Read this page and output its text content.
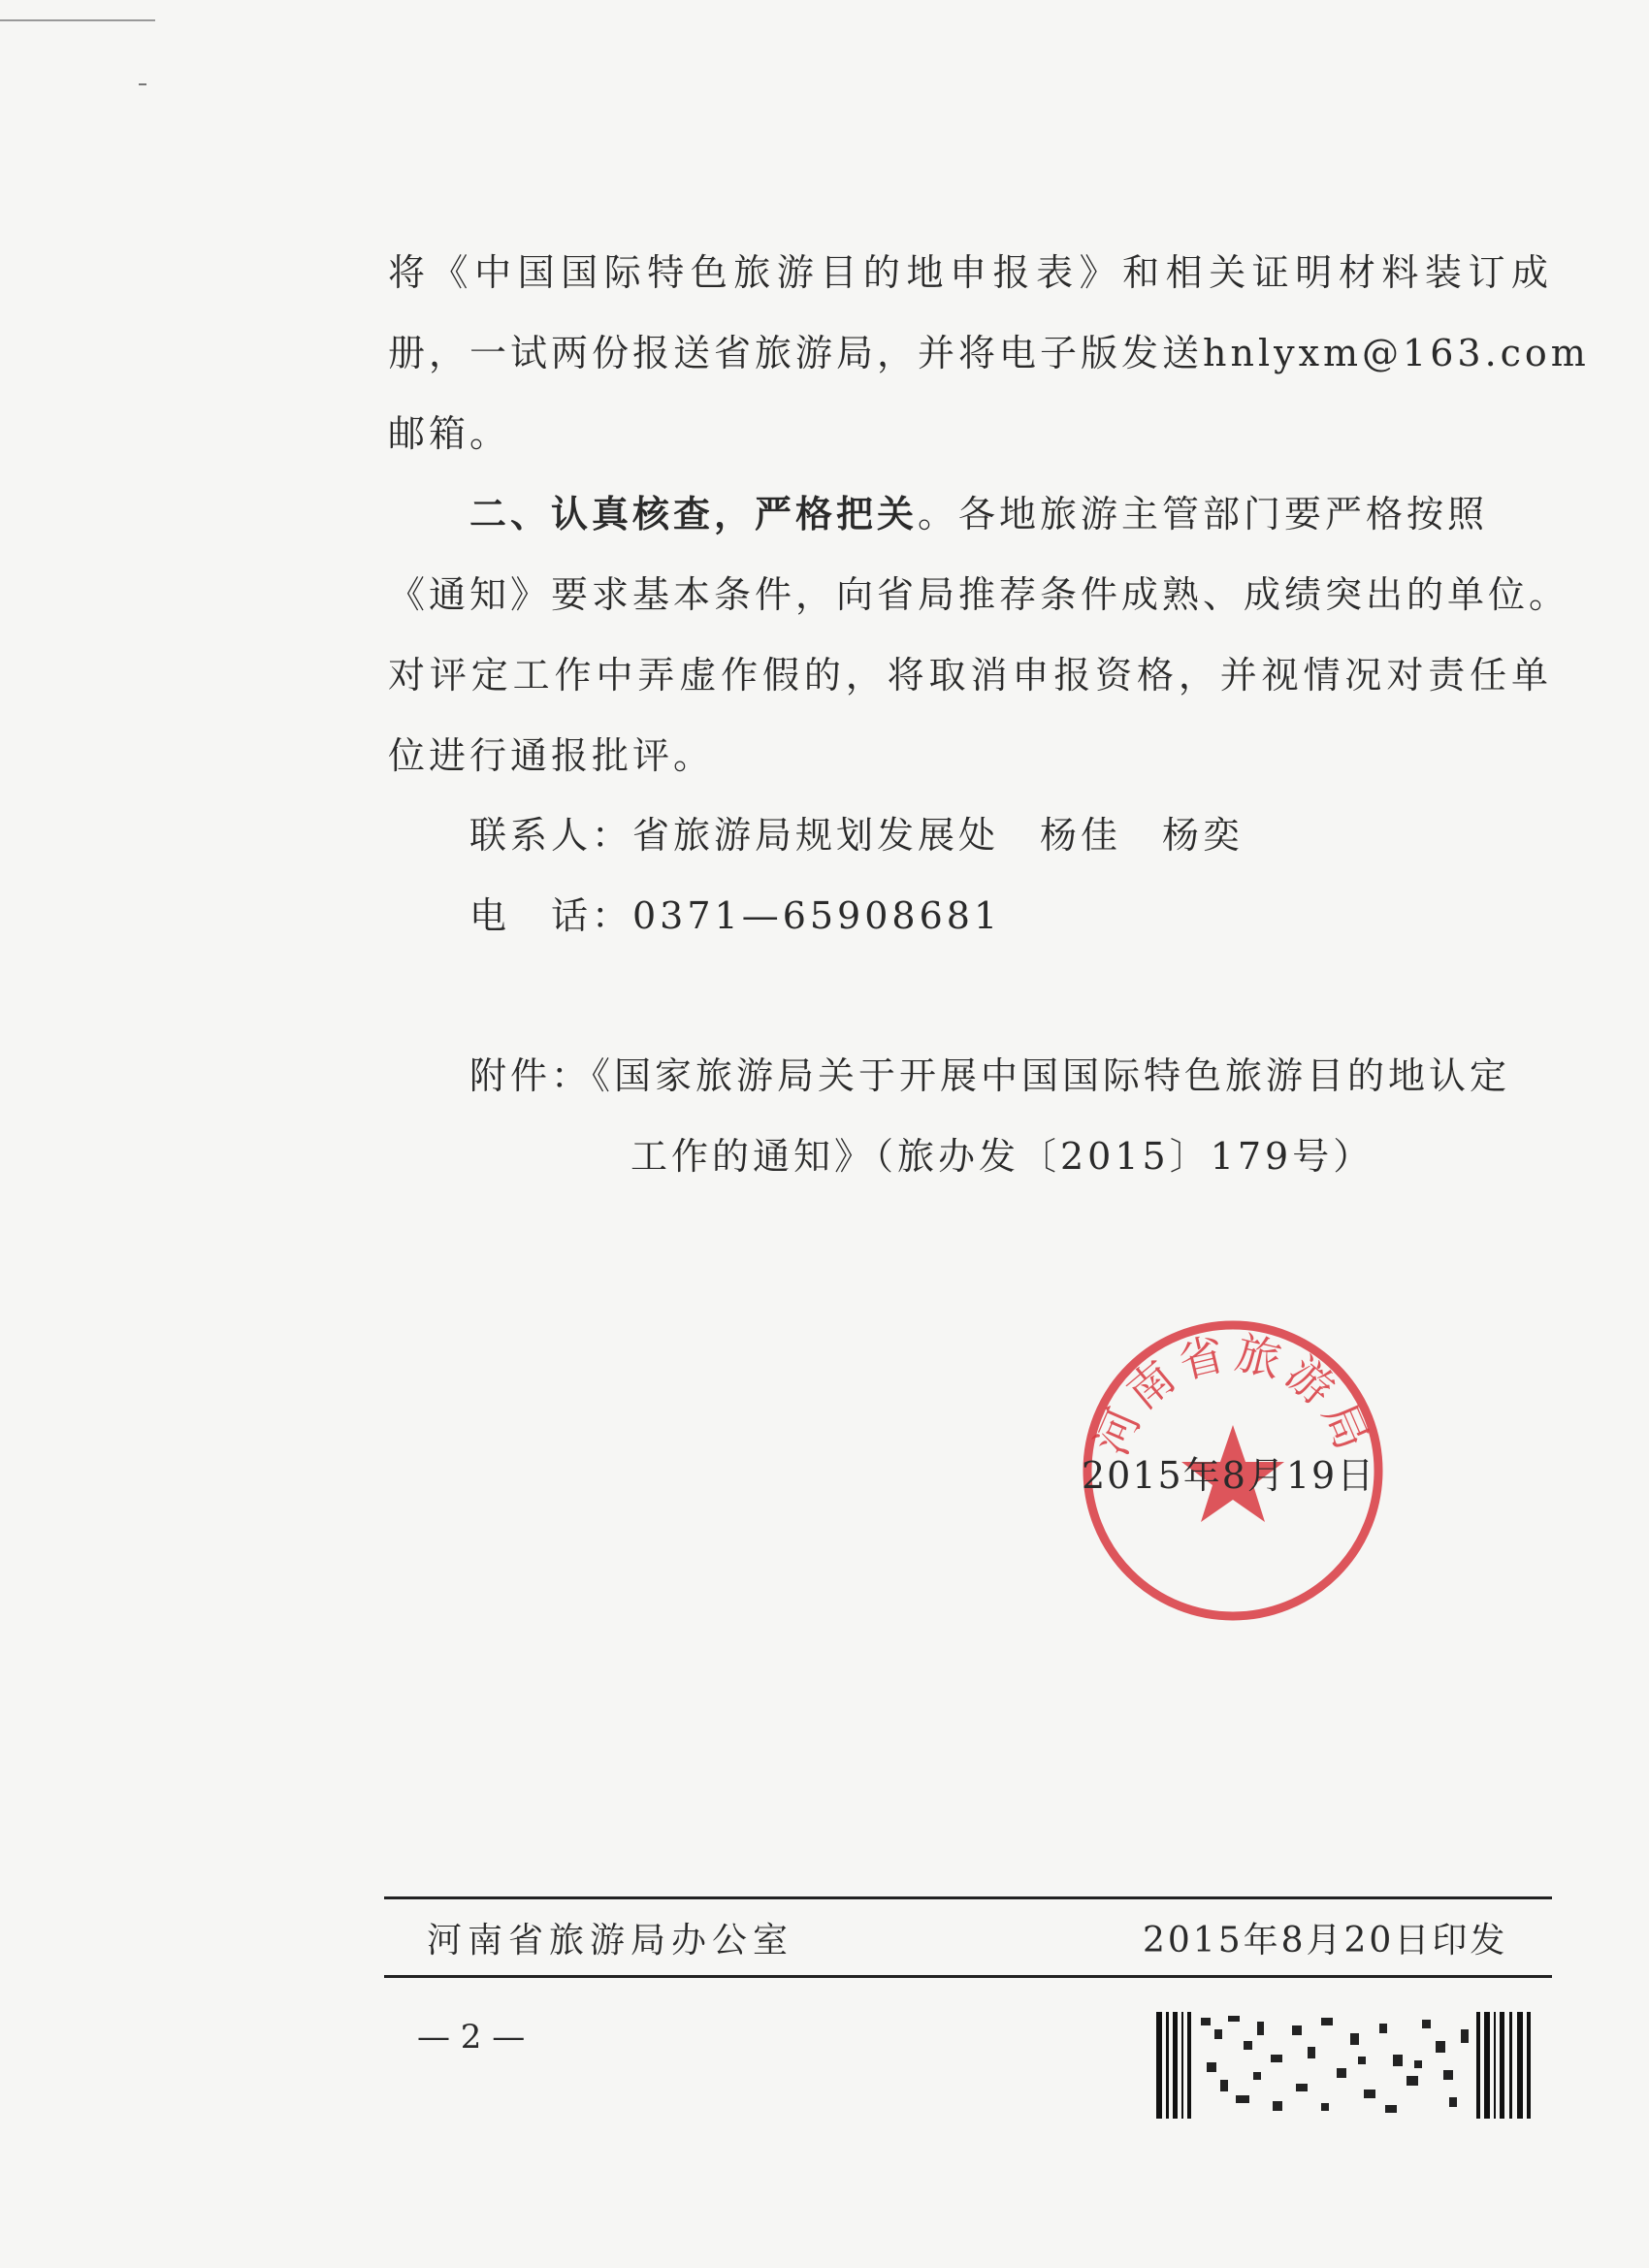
将《中国国际特色旅游目的地申报表》和相关证明材料装订成
册，一试两份报送省旅游局，并将电子版发送hnlyxm@163.com
邮箱。
二、认真核查，严格把关。各地旅游主管部门要严格按照
《通知》要求基本条件，向省局推荐条件成熟、成绩突出的单位。
对评定工作中弄虚作假的，将取消申报资格，并视情况对责任单
位进行通报批评。
联系人：省旅游局规划发展处　杨佳　杨奕
电　话：0371—65908681
附件：《国家旅游局关于开展中国国际特色旅游目的地认定
工作的通知》（旅办发〔2015〕179号）
河南省旅游局
2015年8月19日
河南省旅游局办公室	2015年8月20日印发
— 2 —
